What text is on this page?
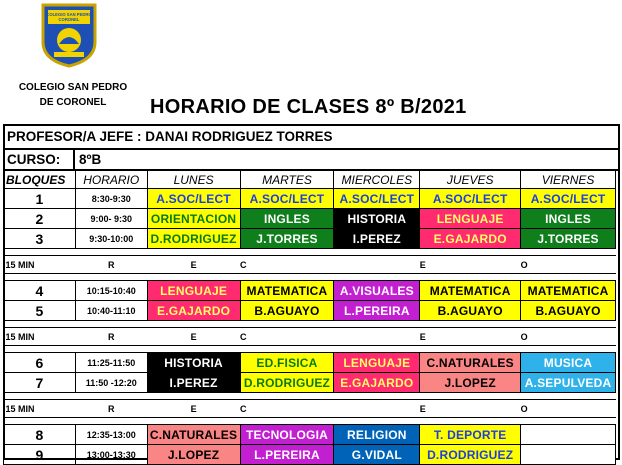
COLEGIO SAN PEDRO
CORONEL
COLEGIO SAN PEDRO
DE CORONEL	HORARIO DE CLASES 8º B/2021
PROFESOR/A JEFE : DANAI RODRIGUEZ TORRES
CURSO:	8ºB
BLOQUES	HORARIO	LUNES	MARTES	MIERCOLES	JUEVES	VIERNES
1	8:30-9:30	A.SOC/LECT	A.SOC/LECT	A.SOC/LECT	A.SOC/LECT	A.SOC/LECT
2	9:00- 9:30	ORIENTACION	INGLES	HISTORIA	LENGUAJE	INGLES
3	9:30-10:00	D.RODRIGUEZ	J.TORRES	I.PEREZ	E.GAJARDO	J.TORRES

15 MIN	R	E	C		E	O

4	10:15-10:40	LENGUAJE	MATEMATICA	A.VISUALES	MATEMATICA	MATEMATICA
5	10:40-11:10	E.GAJARDO	B.AGUAYO	L.PEREIRA	B.AGUAYO	B.AGUAYO

15 MIN	R	E	C		E	O

6	11:25-11:50	HISTORIA	ED.FISICA	LENGUAJE	C.NATURALES	MUSICA
7	11:50 -12:20	I.PEREZ	D.RODRIGUEZ	E.GAJARDO	J.LOPEZ	A.SEPULVEDA

15 MIN	R	E	C		E	O

8	12:35-13:00	C.NATURALES	TECNOLOGIA	RELIGION	T. DEPORTE	
9	13:00-13:30	J.LOPEZ	L.PEREIRA	G.VIDAL	D.RODRIGUEZ	
